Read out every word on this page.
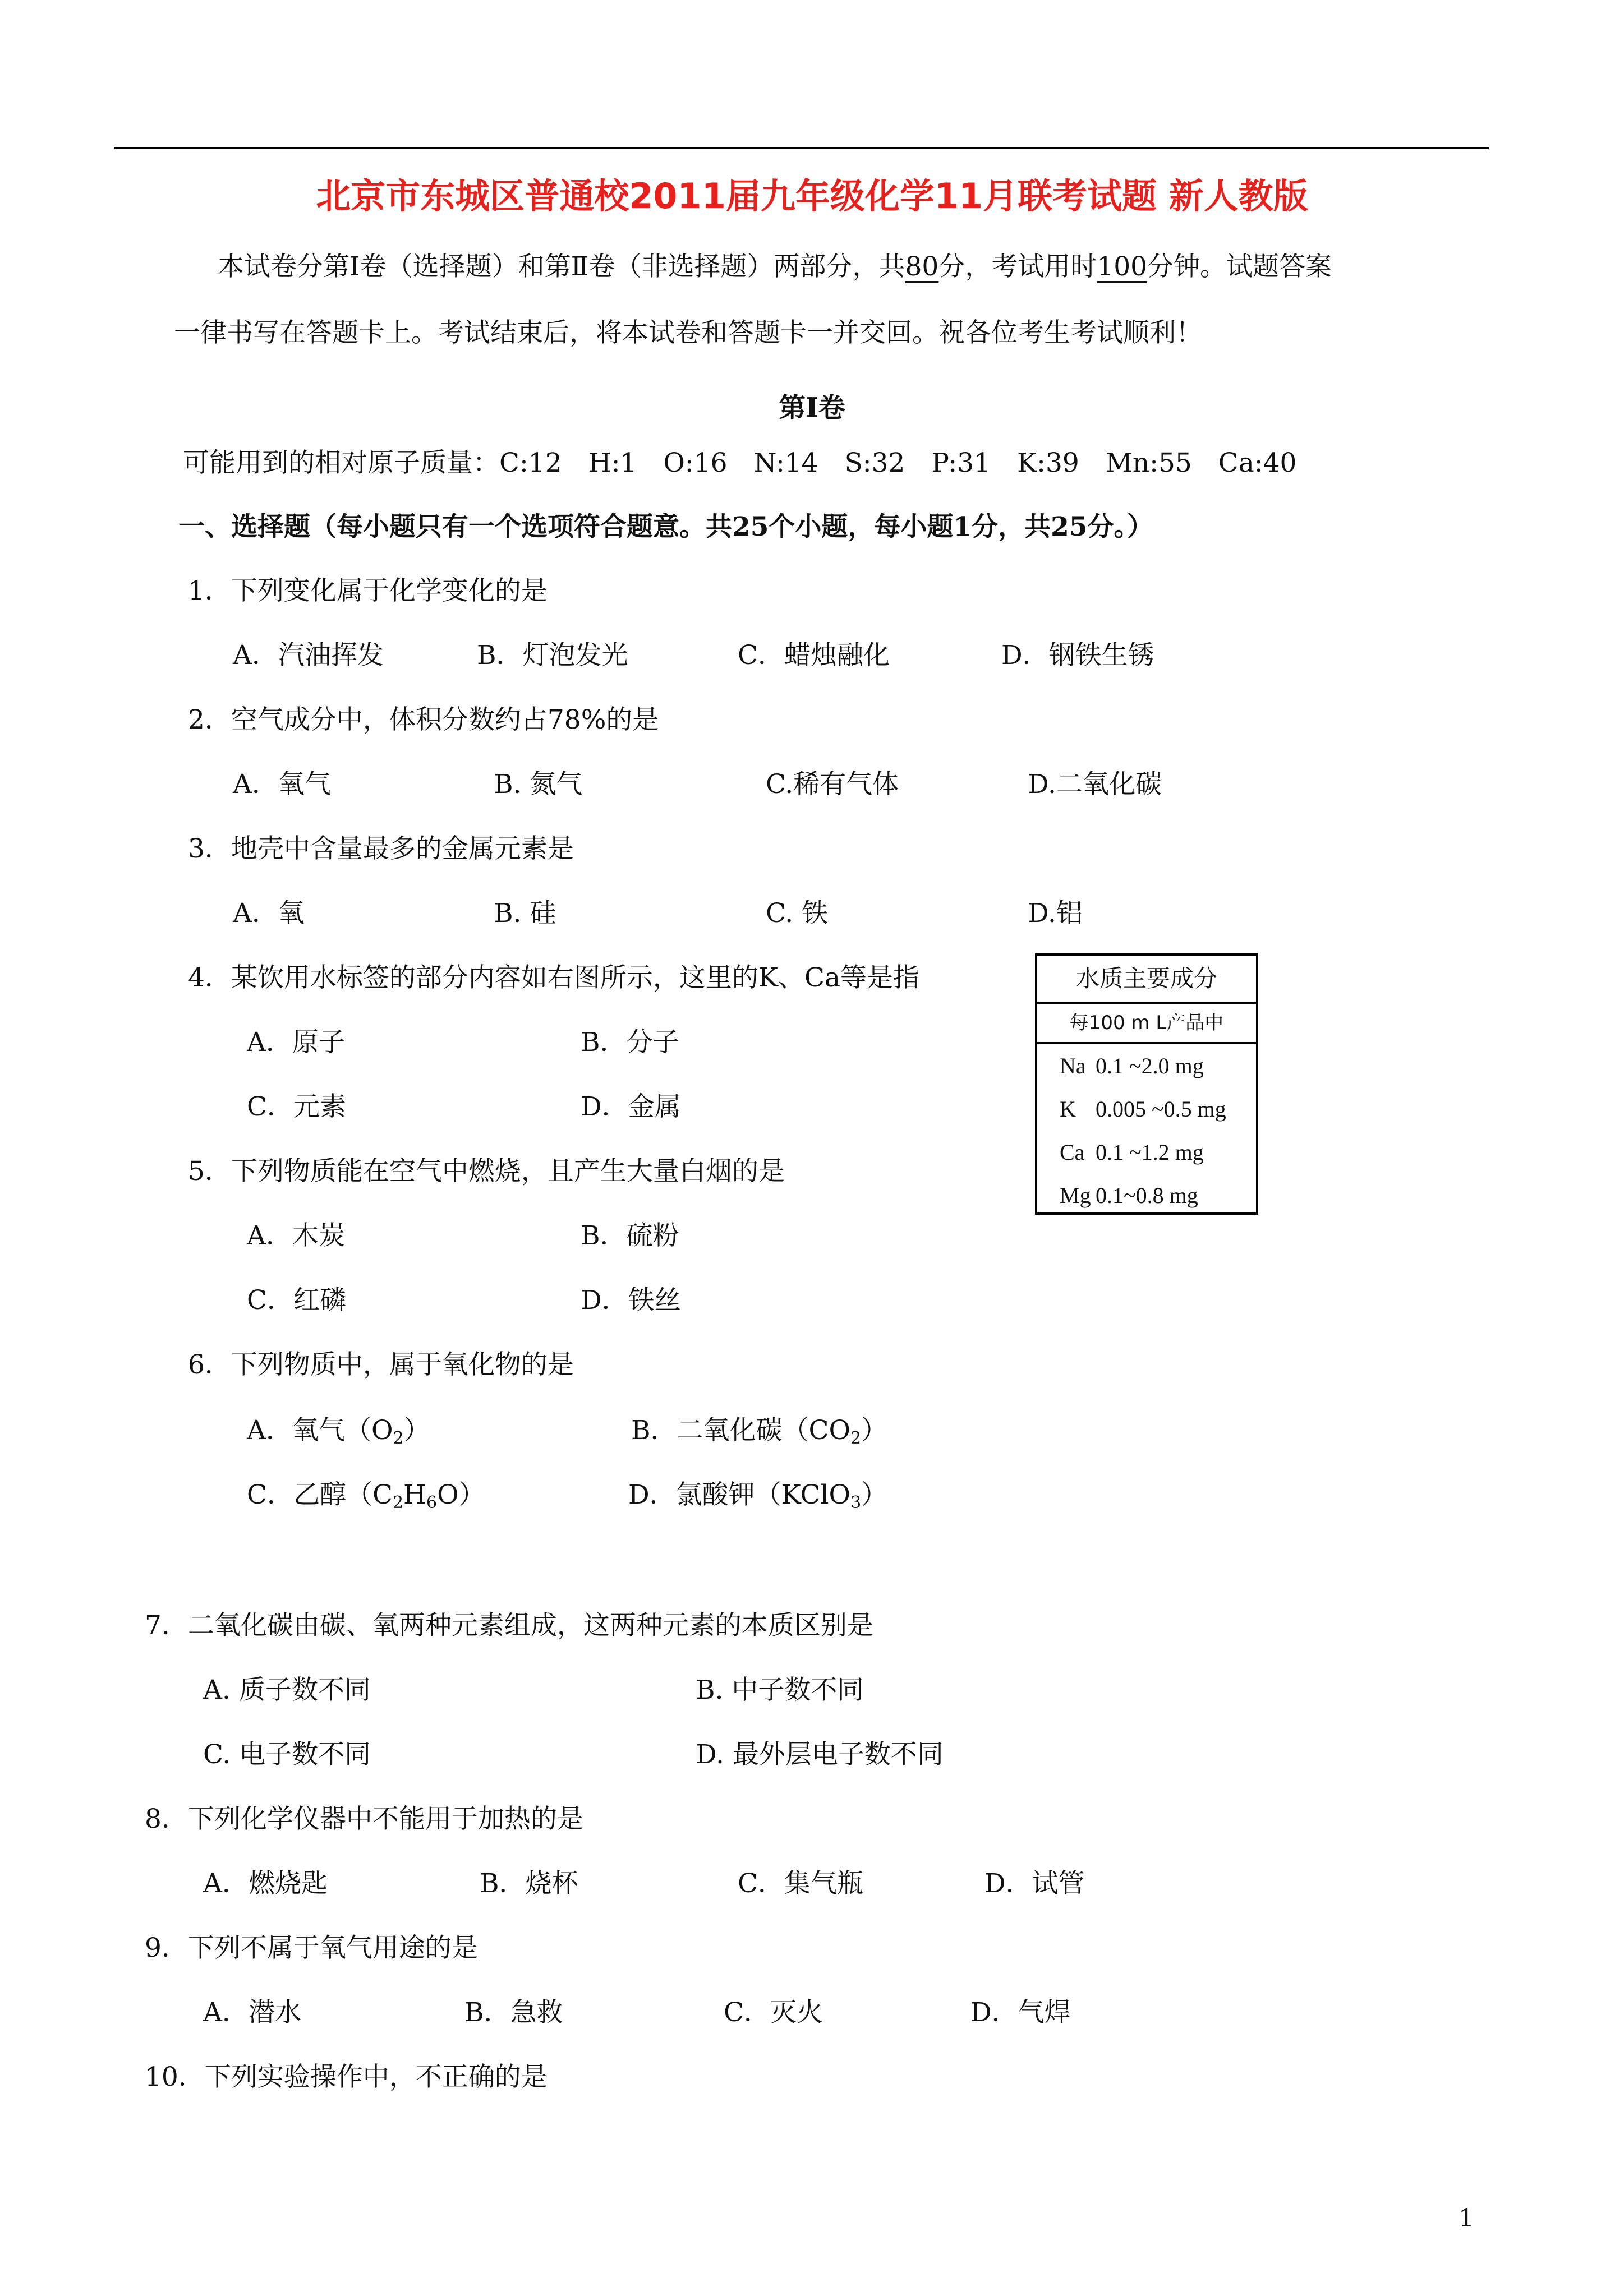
北京市东城区普通校2011届九年级化学11月联考试题 新人教版
本试卷分第Ⅰ卷（选择题）和第Ⅱ卷（非选择题）两部分，共80分，考试用时100分钟。试题答案
一律书写在答题卡上。考试结束后，将本试卷和答题卡一并交回。祝各位考生考试顺利！
第Ⅰ卷
可能用到的相对原子质量：C:12　H:1　O:16　N:14　S:32　P:31　K:39　Mn:55　Ca:40
一、选择题（每小题只有一个选项符合题意。共25个小题，每小题1分，共25分。）
1．下列变化属于化学变化的是
A．汽油挥发	B．灯泡发光	C．蜡烛融化	D．钢铁生锈
2．空气成分中，体积分数约占78%的是
A．氧气	B. 氮气	C.稀有气体	D.二氧化碳
3．地壳中含量最多的金属元素是
A．氧	B. 硅	C. 铁	D.铝
4．某饮用水标签的部分内容如右图所示，这里的K、Ca等是指
A．原子	B．分子
C．元素	D．金属
5．下列物质能在空气中燃烧，且产生大量白烟的是
A．木炭	B．硫粉
C．红磷	D．铁丝
6．下列物质中，属于氧化物的是
A．氧气$(O_2)$	B．二氧化碳$(CO_2)$
C．乙醇$(C_2H_6O)$	D．氯酸钾（KClO$_3$）
7．二氧化碳由碳、氧两种元素组成，这两种元素的本质区别是
A. 质子数不同	B. 中子数不同
C. 电子数不同	D. 最外层电子数不同
8．下列化学仪器中不能用于加热的是
A．燃烧匙	B．烧杯	C．集气瓶	D．试管
9．下列不属于氧气用途的是
A．潜水	B．急救	C．灭火	D．气焊
10．下列实验操作中，不正确的是
水质主要成分
每100 m L产品中
Na 0.1 ~2.0 mg
K 0.005 ~0.5 mg
Ca 0.1 ~1.2 mg
Mg 0.1~0.8 mg
1
